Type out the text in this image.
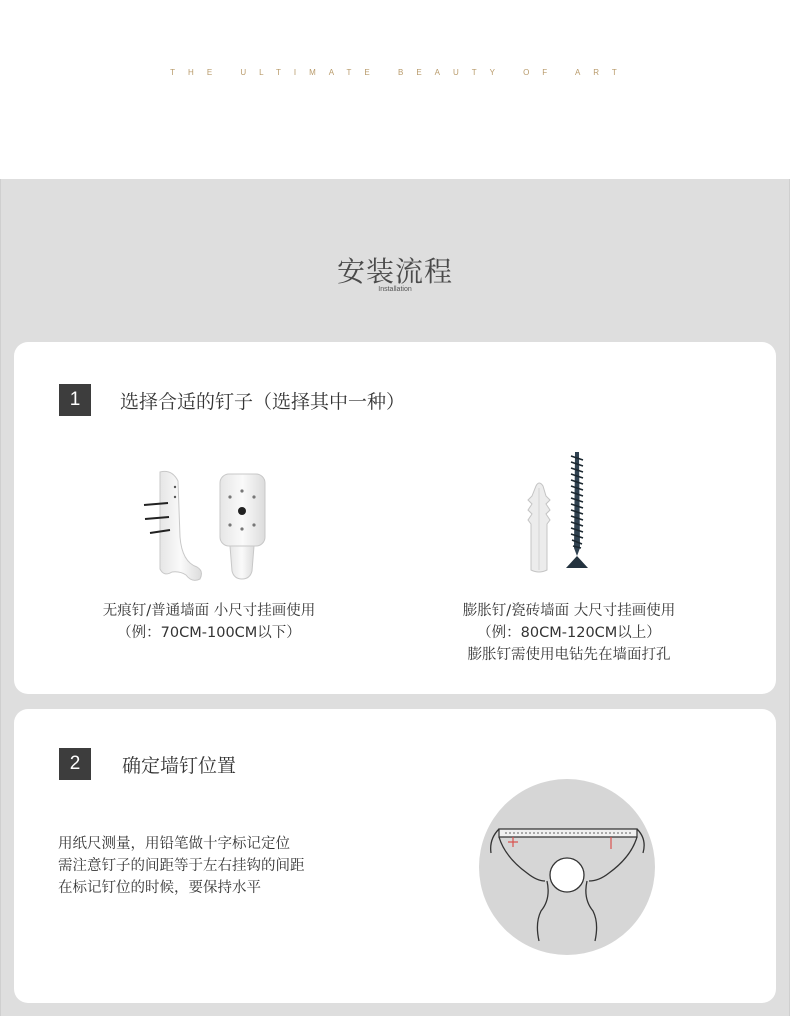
THE ULTIMATE BEAUTY OF ART
安装流程
Installation
1	选择合适的钉子（选择其中一种）
无痕钉/普通墙面 小尺寸挂画使用
（例：70CM-100CM以下）
膨胀钉/瓷砖墙面 大尺寸挂画使用
（例：80CM-120CM以上）
膨胀钉需使用电钻先在墙面打孔
2	确定墙钉位置
用纸尺测量，用铅笔做十字标记定位
需注意钉子的间距等于左右挂钩的间距
在标记钉位的时候，要保持水平
